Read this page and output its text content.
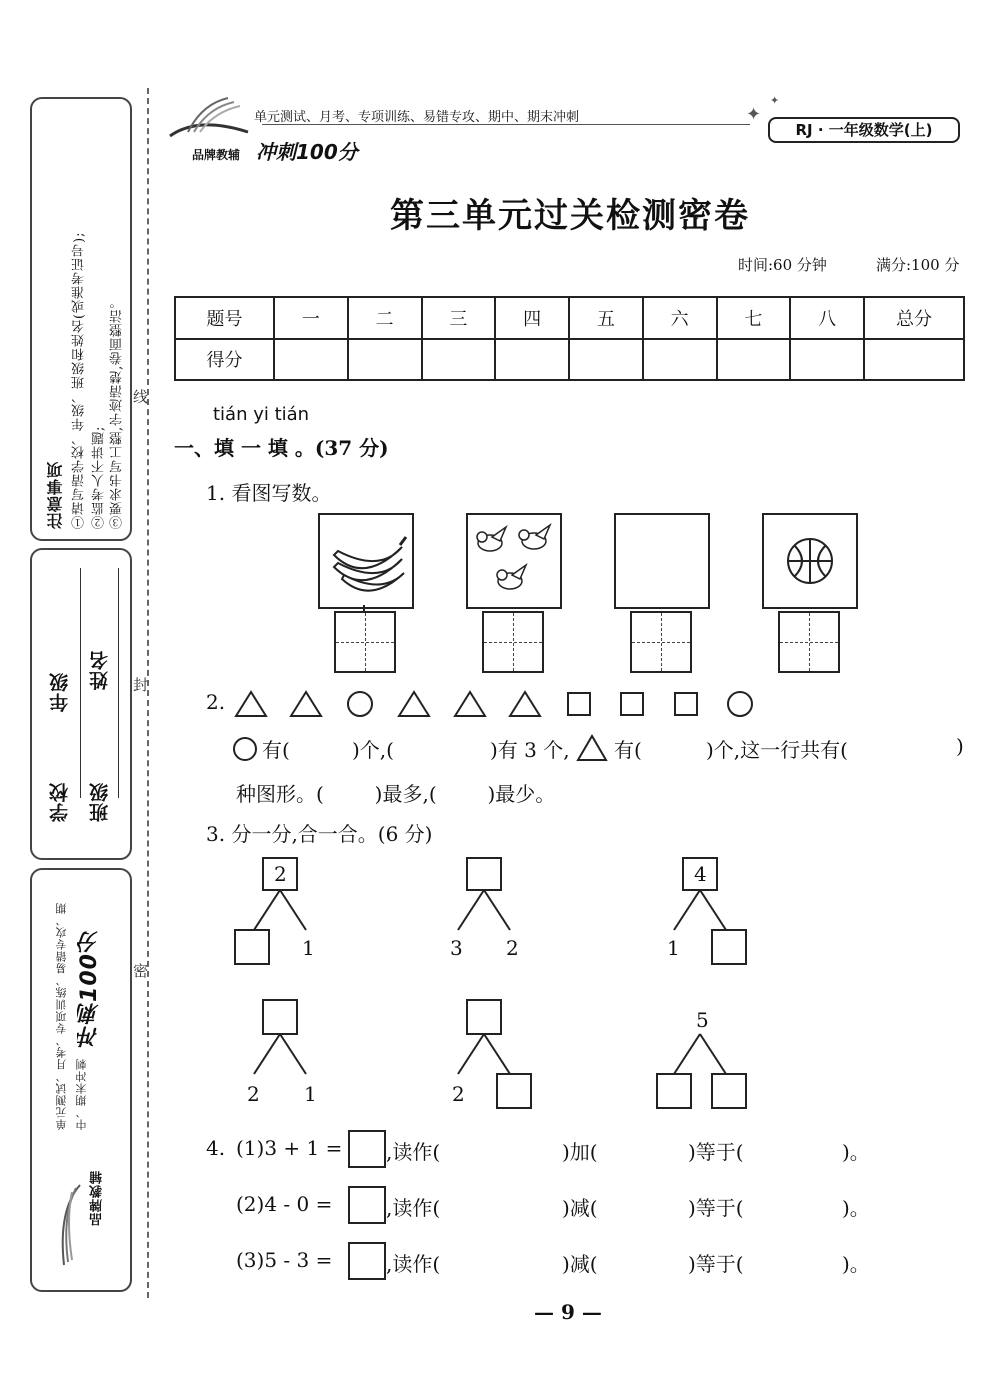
注意事项 ①请写清学校、年级、班级和姓名(或准考证号); ②监考人不讲题; ③要求书写工整,字迹清楚,卷面整洁。
学校
年级
班级
姓名
单元测试、月考、专项训练、易错专攻、期中、期末冲刺
冲刺100分
品牌教辅
线
封
密
品牌教辅 冲刺100分
单元测试、月考、专项训练、易错专攻、期中、期末冲刺	✦
✦
RJ · 一年级数学(上)
第三单元过关检测密卷
时间:60 分钟	满分:100 分
题号	一	二	三	四	五	六	七	八	总分
得分									
tián yi tián
一、填 一 填 。(37 分)
1. 看图写数。
2.
有(	)个,(	)有 3 个, 有(	)个,这一行共有(	)
种图形。(        )最多,(        )最少。
3. 分一分,合一合。(6 分)
2
1	3 2
4
1
2 1	2
5
4. (1)3 + 1 = ,读作(	)加(	)等于(	)。
(2)4 - 0 =	,读作(	)减(	)等于(	)。
(3)5 - 3 =	,读作(	)减(	)等于(	)。
— 9 —
